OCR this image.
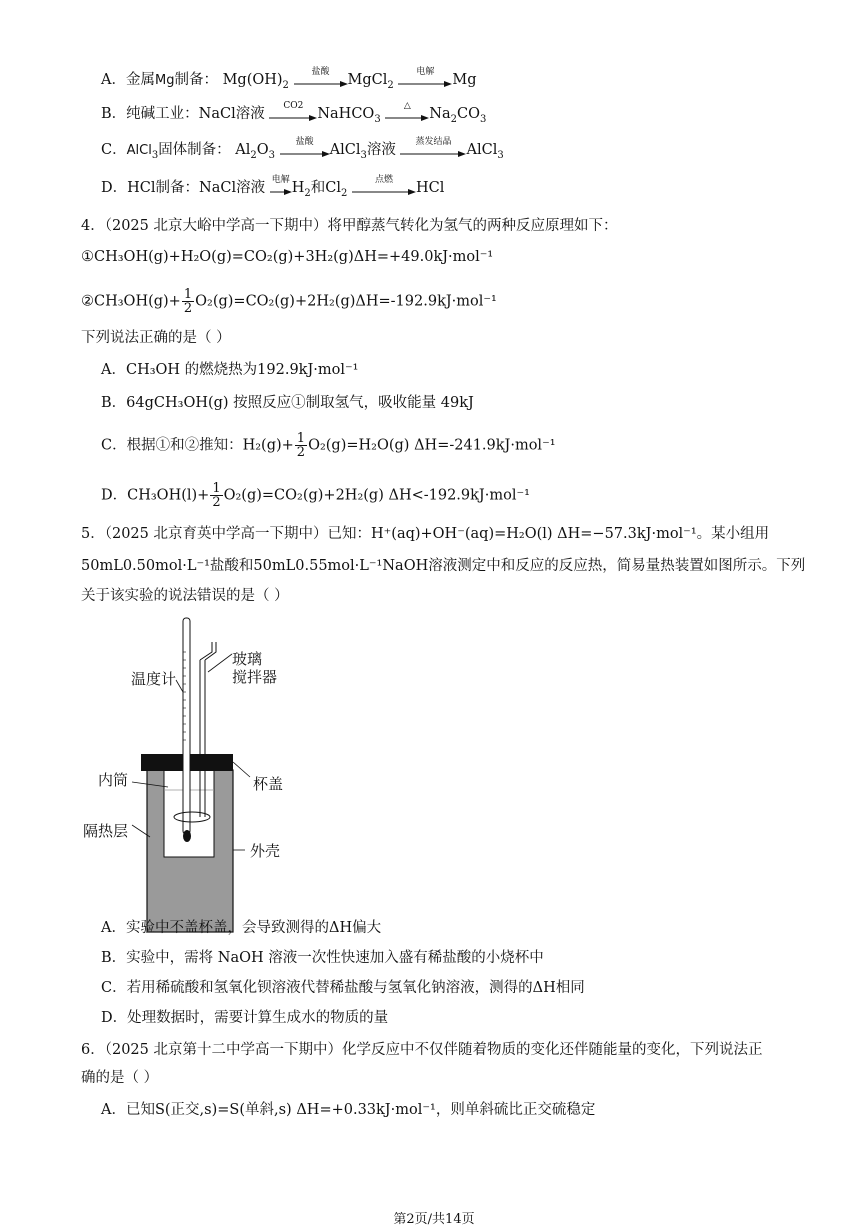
A．金属Mg制备： $Mg(OH)_2$
盐酸	MgCl$_2$
电解	Mg
B．纯碱工业：NaCl溶液	CO2 NaHCO$_3$
△	$Na_2CO_3$
C．AlCl$_3$固体制备： $Al_2O_3$
盐酸	AlCl$_3$溶液	蒸发结晶	AlCl$_3$
D．HCl制备：NaCl溶液 电解 $H_2$和$Cl_2$
点燃	HCl
4．（2025 北京大峪中学高一下期中）将甲醇蒸气转化为氢气的两种反应原理如下：
①CH₃OH(g)+H₂O(g)=CO₂(g)+3H₂(g)ΔH=+49.0kJ·mol⁻¹
②CH₃OH(g)+ $\frac{1}{2} O_2(g)=CO_2(g)+2H_2(g)\Delta H=-192.9kJ\cdot mol^{-1}$
下列说法正确的是（ ）
A．CH₃OH 的燃烧热为192.9kJ·mol⁻¹
B．64gCH₃OH(g) 按照反应①制取氢气，吸收能量 49kJ
C．根据①和②推知：$H_2(g)+ \frac{1}{2} O_2(g)=H_2O(g)$ ΔH=-241.9kJ·mol⁻¹
D．$CH_3OH(l)+ \frac{1}{2} O_2(g)=CO_2(g)+2H_2(g)$ ΔH<-192.9kJ·mol⁻¹
5．（2025 北京育英中学高一下期中）已知：H⁺(aq)+OH⁻(aq)=H₂O(l) ΔH=−57.3kJ·mol⁻¹。某小组用
50mL0.50mol·L⁻¹盐酸和50mL0.55mol·L⁻¹NaOH溶液测定中和反应的反应热，简易量热装置如图所示。下列
关于该实验的说法错误的是（ ）
温度计
玻璃
搅拌器
内筒	杯盖
隔热层
外壳
A．实验中不盖杯盖，会导致测得的ΔH偏大
B．实验中，需将 NaOH 溶液一次性快速加入盛有稀盐酸的小烧杯中
C．若用稀硫酸和氢氧化钡溶液代替稀盐酸与氢氧化钠溶液，测得的ΔH相同
D．处理数据时，需要计算生成水的物质的量
6．（2025 北京第十二中学高一下期中）化学反应中不仅伴随着物质的变化还伴随能量的变化，下列说法正
确的是（ ）
A．已知S(正交,s)=S(单斜,s) ΔH=+0.33kJ·mol⁻¹，则单斜硫比正交硫稳定
第2页/共14页
